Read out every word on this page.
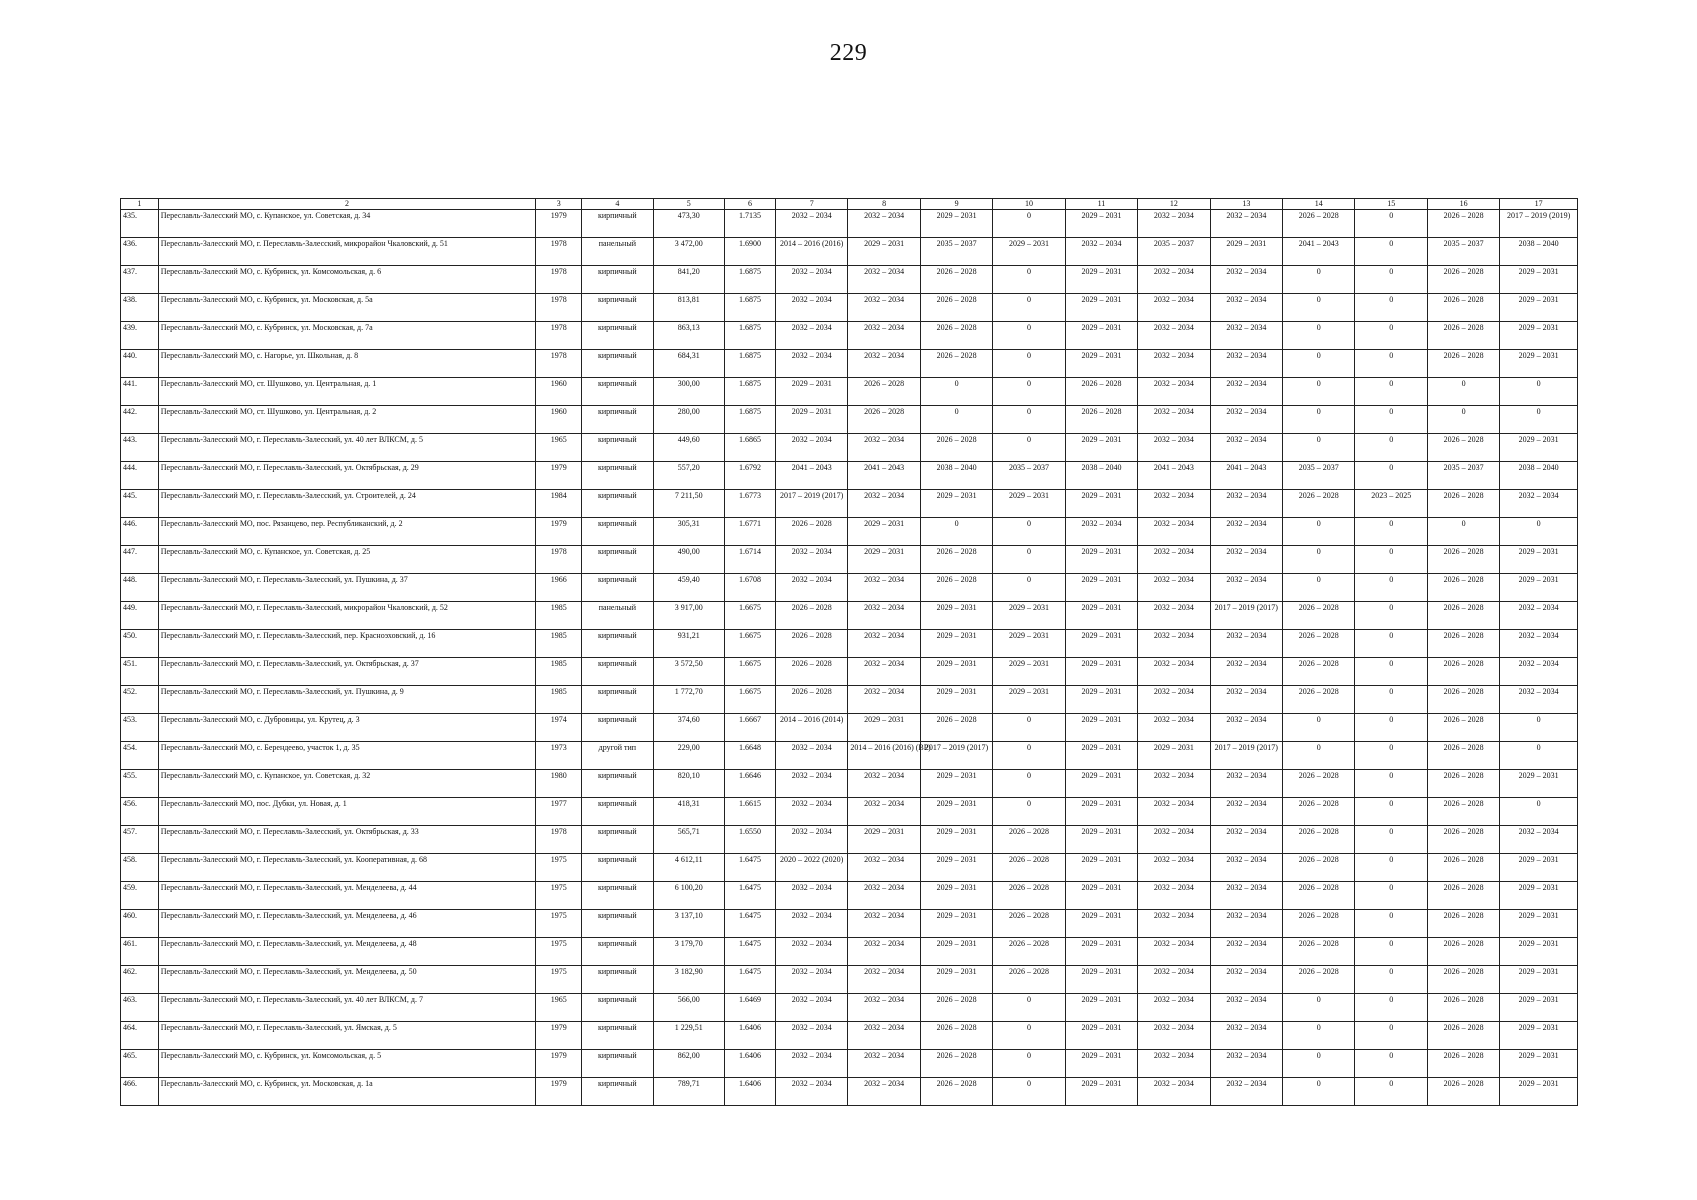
229
1	2	3	4	5	6	7	8	9	10	11	12	13	14	15	16	17
435.	Переславль-Залесский МО, с. Купанское, ул. Советская, д. 34	1979	кирпичный	473,30	1.7135	2032 – 2034	2032 – 2034	2029 – 2031	0	2029 – 2031	2032 – 2034	2032 – 2034	2026 – 2028	0	2026 – 2028	2017 – 2019 (2019)
436.	Переславль-Залесский МО, г. Переславль-Залесский, микрорайон Чкаловский, д. 51	1978	панельный	3 472,00	1.6900	2014 – 2016 (2016)	2029 – 2031	2035 – 2037	2029 – 2031	2032 – 2034	2035 – 2037	2029 – 2031	2041 – 2043	0	2035 – 2037	2038 – 2040
437.	Переславль-Залесский МО, с. Кубринск, ул. Комсомольская, д. 6	1978	кирпичный	841,20	1.6875	2032 – 2034	2032 – 2034	2026 – 2028	0	2029 – 2031	2032 – 2034	2032 – 2034	0	0	2026 – 2028	2029 – 2031
438.	Переславль-Залесский МО, с. Кубринск, ул. Московская, д. 5а	1978	кирпичный	813,81	1.6875	2032 – 2034	2032 – 2034	2026 – 2028	0	2029 – 2031	2032 – 2034	2032 – 2034	0	0	2026 – 2028	2029 – 2031
439.	Переславль-Залесский МО, с. Кубринск, ул. Московская, д. 7а	1978	кирпичный	863,13	1.6875	2032 – 2034	2032 – 2034	2026 – 2028	0	2029 – 2031	2032 – 2034	2032 – 2034	0	0	2026 – 2028	2029 – 2031
440.	Переславль-Залесский МО, с. Нагорье, ул. Школьная, д. 8	1978	кирпичный	684,31	1.6875	2032 – 2034	2032 – 2034	2026 – 2028	0	2029 – 2031	2032 – 2034	2032 – 2034	0	0	2026 – 2028	2029 – 2031
441.	Переславль-Залесский МО, ст. Шушково, ул. Центральная, д. 1	1960	кирпичный	300,00	1.6875	2029 – 2031	2026 – 2028	0	0	2026 – 2028	2032 – 2034	2032 – 2034	0	0	0	0
442.	Переславль-Залесский МО, ст. Шушково, ул. Центральная, д. 2	1960	кирпичный	280,00	1.6875	2029 – 2031	2026 – 2028	0	0	2026 – 2028	2032 – 2034	2032 – 2034	0	0	0	0
443.	Переславль-Залесский МО, г. Переславль-Залесский, ул. 40 лет ВЛКСМ, д. 5	1965	кирпичный	449,60	1.6865	2032 – 2034	2032 – 2034	2026 – 2028	0	2029 – 2031	2032 – 2034	2032 – 2034	0	0	2026 – 2028	2029 – 2031
444.	Переславль-Залесский МО, г. Переславль-Залесский, ул. Октябрьская, д. 29	1979	кирпичный	557,20	1.6792	2041 – 2043	2041 – 2043	2038 – 2040	2035 – 2037	2038 – 2040	2041 – 2043	2041 – 2043	2035 – 2037	0	2035 – 2037	2038 – 2040
445.	Переславль-Залесский МО, г. Переславль-Залесский, ул. Строителей, д. 24	1984	кирпичный	7 211,50	1.6773	2017 – 2019 (2017)	2032 – 2034	2029 – 2031	2029 – 2031	2029 – 2031	2032 – 2034	2032 – 2034	2026 – 2028	2023 – 2025	2026 – 2028	2032 – 2034
446.	Переславль-Залесский МО, пос. Рязанцево, пер. Республиканский, д. 2	1979	кирпичный	305,31	1.6771	2026 – 2028	2029 – 2031	0	0	2032 – 2034	2032 – 2034	2032 – 2034	0	0	0	0
447.	Переславль-Залесский МО, с. Купанское, ул. Советская, д. 25	1978	кирпичный	490,00	1.6714	2032 – 2034	2029 – 2031	2026 – 2028	0	2029 – 2031	2032 – 2034	2032 – 2034	0	0	2026 – 2028	2029 – 2031
448.	Переславль-Залесский МО, г. Переславль-Залесский, ул. Пушкина, д. 37	1966	кирпичный	459,40	1.6708	2032 – 2034	2032 – 2034	2026 – 2028	0	2029 – 2031	2032 – 2034	2032 – 2034	0	0	2026 – 2028	2029 – 2031
449.	Переславль-Залесский МО, г. Переславль-Залесский, микрорайон Чкаловский, д. 52	1985	панельный	3 917,00	1.6675	2026 – 2028	2032 – 2034	2029 – 2031	2029 – 2031	2029 – 2031	2032 – 2034	2017 – 2019 (2017)	2026 – 2028	0	2026 – 2028	2032 – 2034
450.	Переславль-Залесский МО, г. Переславль-Залесский, пер. Красноэховский, д. 16	1985	кирпичный	931,21	1.6675	2026 – 2028	2032 – 2034	2029 – 2031	2029 – 2031	2029 – 2031	2032 – 2034	2032 – 2034	2026 – 2028	0	2026 – 2028	2032 – 2034
451.	Переславль-Залесский МО, г. Переславль-Залесский, ул. Октябрьская, д. 37	1985	кирпичный	3 572,50	1.6675	2026 – 2028	2032 – 2034	2029 – 2031	2029 – 2031	2029 – 2031	2032 – 2034	2032 – 2034	2026 – 2028	0	2026 – 2028	2032 – 2034
452.	Переславль-Залесский МО, г. Переславль-Залесский, ул. Пушкина, д. 9	1985	кирпичный	1 772,70	1.6675	2026 – 2028	2032 – 2034	2029 – 2031	2029 – 2031	2029 – 2031	2032 – 2034	2032 – 2034	2026 – 2028	0	2026 – 2028	2032 – 2034
453.	Переславль-Залесский МО, с. Дубровицы, ул. Крутец, д. 3	1974	кирпичный	374,60	1.6667	2014 – 2016 (2014)	2029 – 2031	2026 – 2028	0	2029 – 2031	2032 – 2034	2032 – 2034	0	0	2026 – 2028	0
454.	Переславль-Залесский МО, с. Берендеево, участок 1, д. 35	1973	другой тип	229,00	1.6648	2032 – 2034	2014 – 2016 (2016) (ВР)	2017 – 2019 (2017)	0	2029 – 2031	2029 – 2031	2017 – 2019 (2017)	0	0	2026 – 2028	0
455.	Переславль-Залесский МО, с. Купанское, ул. Советская, д. 32	1980	кирпичный	820,10	1.6646	2032 – 2034	2032 – 2034	2029 – 2031	0	2029 – 2031	2032 – 2034	2032 – 2034	2026 – 2028	0	2026 – 2028	2029 – 2031
456.	Переславль-Залесский МО, пос. Дубки, ул. Новая, д. 1	1977	кирпичный	418,31	1.6615	2032 – 2034	2032 – 2034	2029 – 2031	0	2029 – 2031	2032 – 2034	2032 – 2034	2026 – 2028	0	2026 – 2028	0
457.	Переславль-Залесский МО, г. Переславль-Залесский, ул. Октябрьская, д. 33	1978	кирпичный	565,71	1.6550	2032 – 2034	2029 – 2031	2029 – 2031	2026 – 2028	2029 – 2031	2032 – 2034	2032 – 2034	2026 – 2028	0	2026 – 2028	2032 – 2034
458.	Переславль-Залесский МО, г. Переславль-Залесский, ул. Кооперативная, д. 68	1975	кирпичный	4 612,11	1.6475	2020 – 2022 (2020)	2032 – 2034	2029 – 2031	2026 – 2028	2029 – 2031	2032 – 2034	2032 – 2034	2026 – 2028	0	2026 – 2028	2029 – 2031
459.	Переславль-Залесский МО, г. Переславль-Залесский, ул. Менделеева, д. 44	1975	кирпичный	6 100,20	1.6475	2032 – 2034	2032 – 2034	2029 – 2031	2026 – 2028	2029 – 2031	2032 – 2034	2032 – 2034	2026 – 2028	0	2026 – 2028	2029 – 2031
460.	Переславль-Залесский МО, г. Переславль-Залесский, ул. Менделеева, д. 46	1975	кирпичный	3 137,10	1.6475	2032 – 2034	2032 – 2034	2029 – 2031	2026 – 2028	2029 – 2031	2032 – 2034	2032 – 2034	2026 – 2028	0	2026 – 2028	2029 – 2031
461.	Переславль-Залесский МО, г. Переславль-Залесский, ул. Менделеева, д. 48	1975	кирпичный	3 179,70	1.6475	2032 – 2034	2032 – 2034	2029 – 2031	2026 – 2028	2029 – 2031	2032 – 2034	2032 – 2034	2026 – 2028	0	2026 – 2028	2029 – 2031
462.	Переславль-Залесский МО, г. Переславль-Залесский, ул. Менделеева, д. 50	1975	кирпичный	3 182,90	1.6475	2032 – 2034	2032 – 2034	2029 – 2031	2026 – 2028	2029 – 2031	2032 – 2034	2032 – 2034	2026 – 2028	0	2026 – 2028	2029 – 2031
463.	Переславль-Залесский МО, г. Переславль-Залесский, ул. 40 лет ВЛКСМ, д. 7	1965	кирпичный	566,00	1.6469	2032 – 2034	2032 – 2034	2026 – 2028	0	2029 – 2031	2032 – 2034	2032 – 2034	0	0	2026 – 2028	2029 – 2031
464.	Переславль-Залесский МО, г. Переславль-Залесский, ул. Ямская, д. 5	1979	кирпичный	1 229,51	1.6406	2032 – 2034	2032 – 2034	2026 – 2028	0	2029 – 2031	2032 – 2034	2032 – 2034	0	0	2026 – 2028	2029 – 2031
465.	Переславль-Залесский МО, с. Кубринск, ул. Комсомольская, д. 5	1979	кирпичный	862,00	1.6406	2032 – 2034	2032 – 2034	2026 – 2028	0	2029 – 2031	2032 – 2034	2032 – 2034	0	0	2026 – 2028	2029 – 2031
466.	Переславль-Залесский МО, с. Кубринск, ул. Московская, д. 1а	1979	кирпичный	789,71	1.6406	2032 – 2034	2032 – 2034	2026 – 2028	0	2029 – 2031	2032 – 2034	2032 – 2034	0	0	2026 – 2028	2029 – 2031
